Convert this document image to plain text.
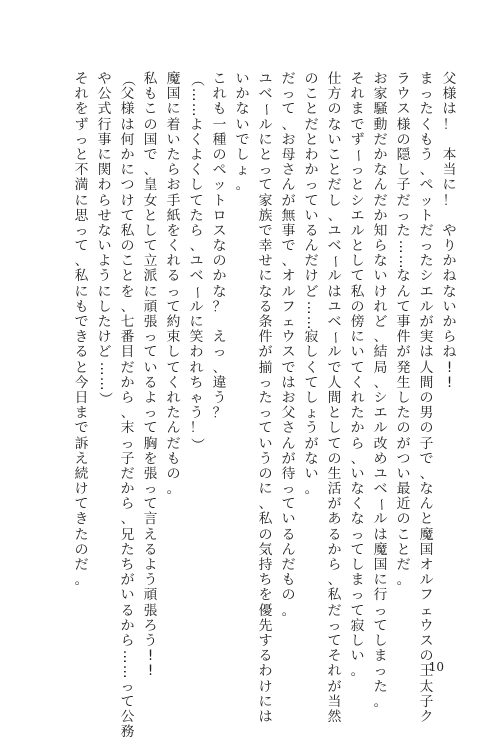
父
様
は
！

本
当
に
！

や
り
か
ね
な
い
か
ら
ね
!
!
ま
っ
た
く
も
う
、
ペ
ッ
ト
だ
っ
た
シ
エ
ル
が
実
は
人
間
の
男
の
子
で
、
な
ん
と
魔
国
オ
ル
フ
ェ
ウ
ス
の
王
太
子
ク
ラ
ウ
ス
様
の
隠
し
子
だ
っ
た
…
…
な
ん
て
事
件
が
発
生
し
た
の
が
つ
い
最
近
の
こ
と
だ
。
お
家
騒
動
だ
か
な
ん
だ
か
知
ら
な
い
け
れ
ど
、
結
局
、
シ
エ
ル
改
め
ユ
ベ
ー
ル
は
魔
国
に
行
っ
て
し
ま
っ
た
。
そ
れ
ま
で
ず
ー
っ
と
シ
エ
ル
と
し
て
私
の
傍
に
い
て
く
れ
た
か
ら
、
い
な
く
な
っ
て
し
ま
っ
て
寂
し
い
。
仕
方
の
な
い
こ
と
だ
し
、
ユ
ベ
ー
ル
は
ユ
ベ
ー
ル
で
人
間
と
し
て
の
生
活
が
あ
る
か
ら
、
私
だ
っ
て
そ
れ
が
当
然
の
こ
と
だ
と
わ
か
っ
て
い
る
ん
だ
け
ど
…
…
寂
し
く
て
し
ょ
う
が
な
い
。
だ
っ
て
、
お
母
さ
ん
が
無
事
で
、
オ
ル
フ
ェ
ウ
ス
で
は
お
父
さ
ん
が
待
っ
て
い
る
ん
だ
も
の
。
ユ
ベ
ー
ル
に
と
っ
て
家
族
で
幸
せ
に
な
る
条
件
が
揃
っ
た
っ
て
い
う
の
に
、
私
の
気
持
ち
を
優
先
す
る
わ
け
に
は
い
か
な
い
で
し
ょ
。
こ
れ
も
一
種
の
ペ
ッ
ト
ロ
ス
な
の
か
な
？

え
っ
、
違
う
？
（
…
…
よ
く
よ
く
し
て
た
ら
、
ユ
ベ
ー
ル
に
笑
わ
れ
ち
ゃ
う
！
）
魔
国
に
着
い
た
ら
お
手
紙
を
く
れ
る
っ
て
約
束
し
て
く
れ
た
ん
だ
も
の
。
私
も
こ
の
国
で
、
皇
女
と
し
て
立
派
に
頑
張
っ
て
い
る
よ
っ
て
胸
を
張
っ
て
言
え
る
よ
う
頑
張
ろ
う
!
!
（
父
様
は
何
か
に
つ
け
て
私
の
こ
と
を
、
七
番
目
だ
か
ら
、
末
っ
子
だ
か
ら
、
兄
た
ち
が
い
る
か
ら
…
…
っ
て
公
務
や
公
式
行
事
に
関
わ
ら
せ
な
い
よ
う
に
し
た
け
ど
…
…
）
そ
れ
を
ず
っ
と
不
満
に
思
っ
て
、
私
に
も
で
き
る
と
今
日
ま
で
訴
え
続
け
て
き
た
の
だ
。
10
